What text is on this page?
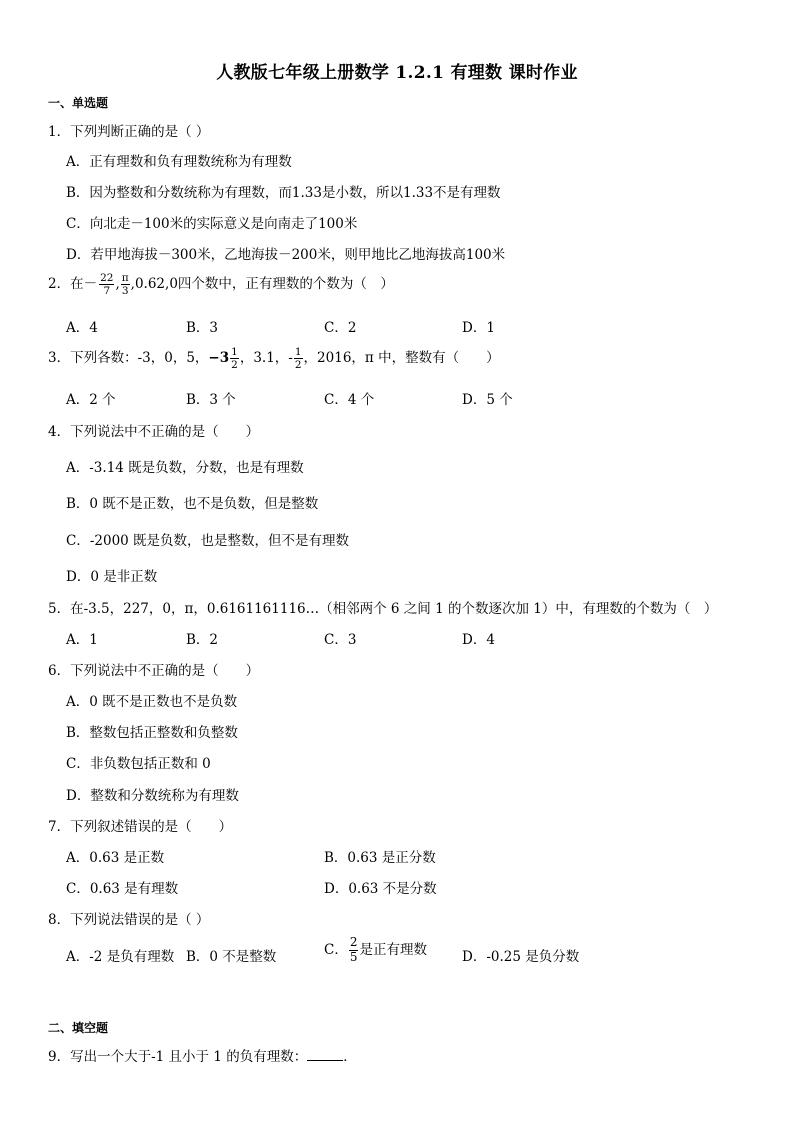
人教版七年级上册数学 1.2.1 有理数 课时作业
一、单选题
1．下列判断正确的是（ ）
A．正有理数和负有理数统称为有理数
B．因为整数和分数统称为有理数，而1.33是小数，所以1.33不是有理数
C．向北走－100米的实际意义是向南走了100米
D．若甲地海拔－300米，乙地海拔－200米，则甲地比乙地海拔高100米
2．在－ $\frac{22}{7}$ , $\frac{\pi}{3} ,0.62,0$四个数中，正有理数的个数为（　）
A．4	B．3	C．2	D．1
3．下列各数：-3，0，5，$-3 \frac{1}{2}$ ，3.1，- $\frac{1}{2}$ ，2016，π 中，整数有（　　）
A．2 个	B．3 个	C．4 个	D．5 个
4．下列说法中不正确的是（　　）
A．-3.14 既是负数，分数，也是有理数
B．0 既不是正数，也不是负数，但是整数
C．-2000 既是负数，也是整数，但不是有理数
D．0 是非正数
5．在-3.5，227，0，π，0.6161161116…（相邻两个 6 之间 1 的个数逐次加 1）中，有理数的个数为（　）
A．1	B．2	C．3	D．4
6．下列说法中不正确的是（　　）
A．0 既不是正数也不是负数
B．整数包括正整数和负整数
C．非负数包括正数和 0
D．整数和分数统称为有理数
7．下列叙述错误的是（　　）
A．0.63 是正数	B．0.63 是正分数
C．0.63 是有理数	D．0.63 不是分数
8．下列说法错误的是（ ）
A．-2 是负有理数 B．0 不是整数	C． $\frac{2}{5}$ 是正有理数	D．-0.25 是负分数
二、填空题
9．写出一个大于-1 且小于 1 的负有理数：	．
